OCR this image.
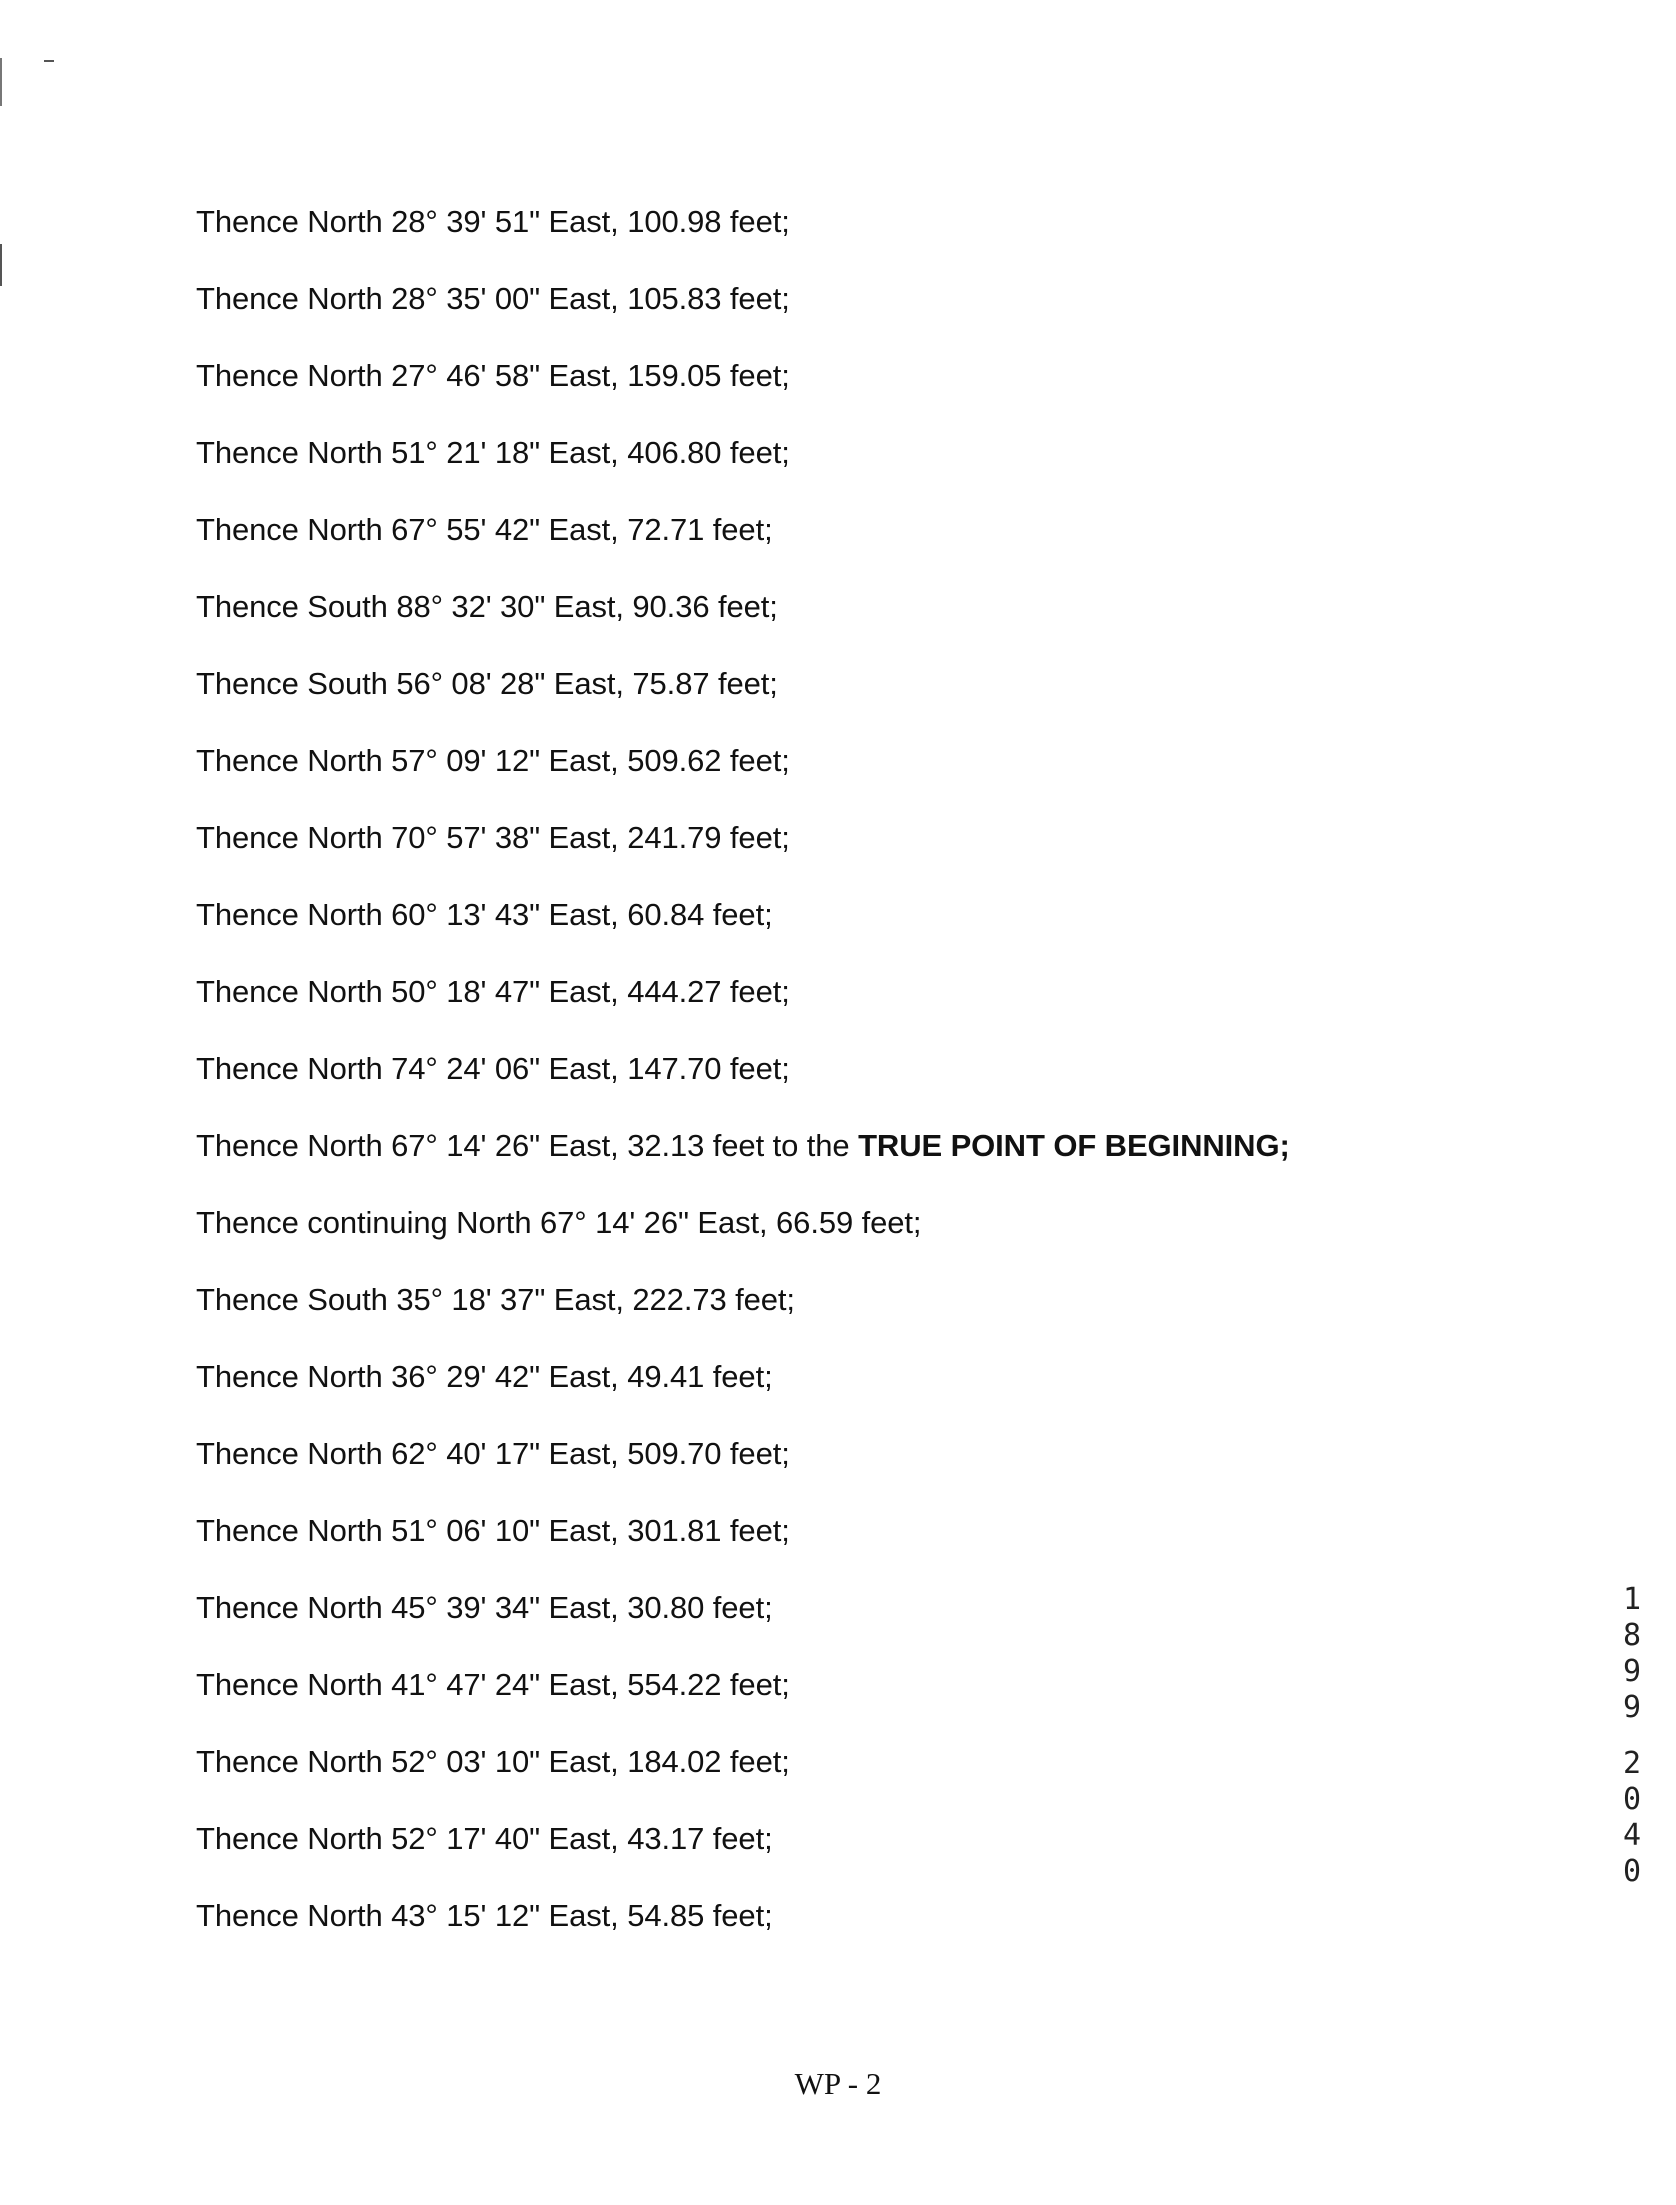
Thence North 28° 39' 51" East, 100.98 feet;
Thence North 28° 35' 00" East, 105.83 feet;
Thence North 27° 46' 58" East, 159.05 feet;
Thence North 51° 21' 18" East, 406.80 feet;
Thence North 67° 55' 42" East, 72.71 feet;
Thence South 88° 32' 30" East, 90.36 feet;
Thence South 56° 08' 28" East, 75.87 feet;
Thence North 57° 09' 12" East, 509.62 feet;
Thence North 70° 57' 38" East, 241.79 feet;
Thence North 60° 13' 43" East, 60.84 feet;
Thence North 50° 18' 47" East, 444.27 feet;
Thence North 74° 24' 06" East, 147.70 feet;
Thence North 67° 14' 26" East, 32.13 feet to the TRUE POINT OF BEGINNING;
Thence continuing North 67° 14' 26" East, 66.59 feet;
Thence South 35° 18' 37" East, 222.73 feet;
Thence North 36° 29' 42" East, 49.41 feet;
Thence North 62° 40' 17" East, 509.70 feet;
Thence North 51° 06' 10" East, 301.81 feet;
Thence North 45° 39' 34" East, 30.80 feet;
Thence North 41° 47' 24" East, 554.22 feet;
Thence North 52° 03' 10" East, 184.02 feet;
Thence North 52° 17' 40" East, 43.17 feet;
Thence North 43° 15' 12" East, 54.85 feet;
1
8
9
9
2
0
4
0
WP - 2
